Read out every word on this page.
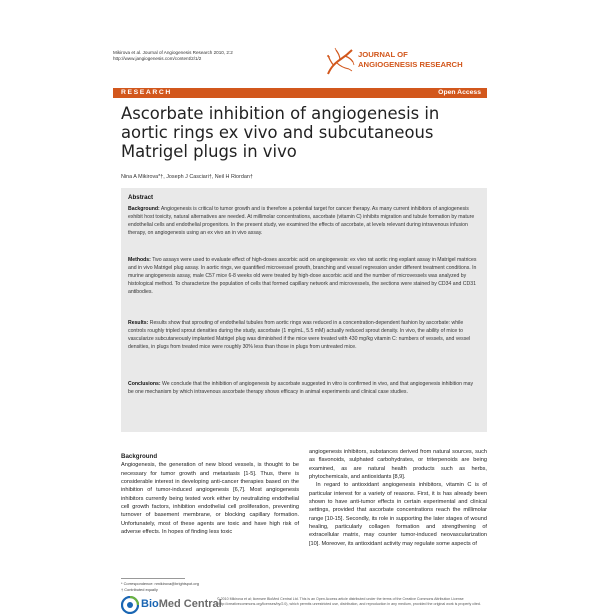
Mikirova et al. Journal of Angiogenesis Research 2010, 2:2
http://www.jangiogenesis.com/content/2/1/2	JOURNAL OF
ANGIOGENESIS RESEARCH
RESEARCH	Open Access
Ascorbate inhibition of angiogenesis in aortic rings ex vivo and subcutaneous Matrigel plugs in vivo
Nina A Mikirova*†, Joseph J Casciari†, Neil H Riordan†
Abstract

Background: Angiogenesis is critical to tumor growth and is therefore a potential target for cancer therapy. As many current inhibitors of angiogenesis exhibit host toxicity, natural alternatives are needed. At millimolar concentrations, ascorbate (vitamin C) inhibits migration and tubule formation by mature endothelial cells and endothelial progenitors. In the present study, we examined the effects of ascorbate, at levels relevant during intravenous infusion therapy, on angiogenesis using an ex vivo an in vivo assay.

Methods: Two assays were used to evaluate effect of high-doses ascorbic acid on angiogenesis: ex vivo rat aortic ring explant assay in Matrigel matrices and in vivo Matrigel plug assay. In aortic rings, we quantified microvessel growth, branching and vessel regression under different treatment conditions. In murine angiogenesis assay, male C57 mice 6-8 weeks old were treated by high-dose ascorbic acid and the number of microvessels was analyzed by histological method. To characterize the population of cells that formed capillary network and microvessels, the sections were stained by CD34 and CD31 antibodies.

Results: Results show that sprouting of endothelial tubules from aortic rings was reduced in a concentration-dependent fashion by ascorbate: while controls roughly tripled sprout densities during the study, ascorbate (1 mg/mL, 5.5 mM) actually reduced sprout density. In vivo, the ability of mice to vascularize subcutaneously implanted Matrigel plug was diminished if the mice were treated with 430 mg/kg vitamin C: numbers of vessels, and vessel densities, in plugs from treated mice were roughly 30% less than those in plugs from untreated mice.

Conclusions: We conclude that the inhibition of angiogenesis by ascorbate suggested in vitro is confirmed in vivo, and that angiogenesis inhibition may be one mechanism by which intravenous ascorbate therapy shows efficacy in animal experiments and clinical case studies.

Background

Angiogenesis, the generation of new blood vessels, is thought to be necessary for tumor growth and metastasis [1-5]. Thus, there is considerable interest in developing anti-cancer therapies based on the inhibition of tumor-induced angiogenesis [6,7]. Most angiogenesis inhibitors currently being tested work either by neutralizing endothelial cell growth factors, inhibition endothelial cell proliferation, preventing turnover of basement membrane, or blocking capillary formation. Unfortunately, most of these agents are toxic and have high risk of adverse effects. In hopes of finding less toxic

angiogenesis inhibitors, substances derived from natural sources, such as flavonoids, sulphated carbohydrates, or triterpenoids are being examined, as are natural health products such as herbs, phytochemicals, and antioxidants [8,9].

In regard to antioxidant angiogenesis inhibitors, vitamin C is of particular interest for a variety of reasons. First, it is has already been shown to have anti-tumor effects in certain experimental and clinical settings, provided that ascorbate concentrations reach the millimolar range [10-15]. Secondly, its role in supporting the later stages of wound healing, particularly collagen formation and strengthening of extracellular matrix, may counter tumor-induced neovascularization [10]. Moreover, its antioxidant activity may regulate some aspects of

* Correspondence: nmikirova@brightspot.org
† Contributed equally
BioMed Central

© 2010 Mikirova et al; licensee BioMed Central Ltd. This is an Open Access article distributed under the terms of the Creative Commons Attribution License (http://creativecommons.org/licenses/by/2.0), which permits unrestricted use, distribution, and reproduction in any medium, provided the original work is properly cited.
